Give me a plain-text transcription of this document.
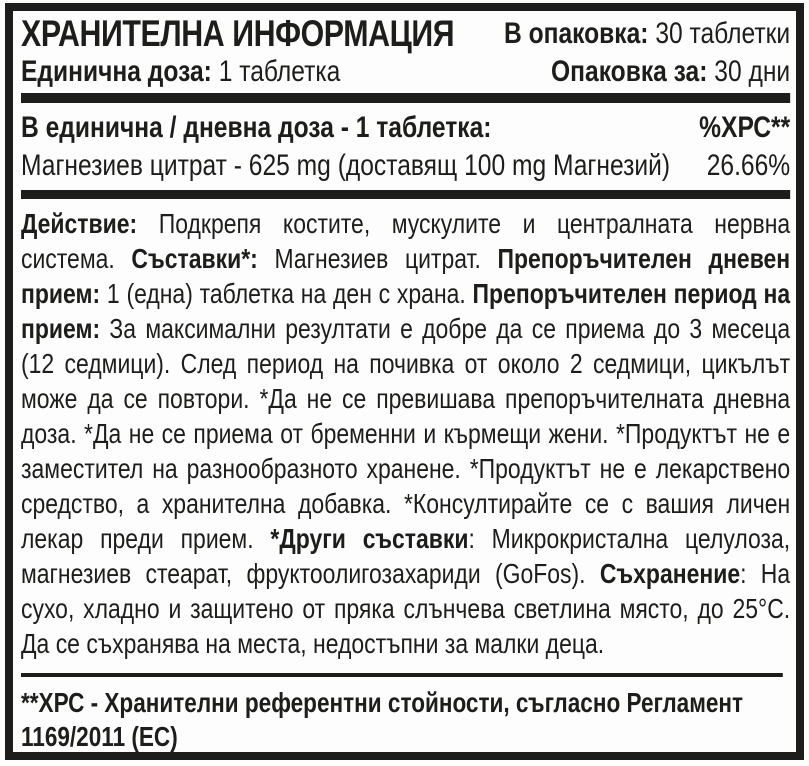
ХРАНИТЕЛНА ИНФОРМАЦИЯ
Единична доза: 1 таблетка
В опаковка: 30 таблетки
Опаковка за: 30 дни
В единична / дневна доза - 1 таблетка:	%ХРС**
Магнезиев цитрат - 625 mg (доставящ 100 mg Магнезий) 26.66%
Действие: Подкрепя костите, мускулите и централната нервна система. Съставки*: Магнезиев цитрат. Препоръчителен дневен прием: 1 (една) таблетка на ден с храна. Препоръчителен период на прием: За максимални резултати е добре да се приема до 3 месеца (12 седмици). След период на почивка от около 2 седмици, цикълът може да се повтори. *Да не се превишава препоръчителната дневна доза. *Да не се приема от бременни и кърмещи жени. *Продуктът не е заместител на разнообразното хранене. *Продуктът не е лекарствено средство, а хранителна добавка. *Консултирайте се с вашия личен лекар преди прием. *Други съставки: Микрокристална целулоза, магнезиев стеарат, фруктоолигозахариди (GoFos). Съхранение: На сухо, хладно и защитено от пряка слънчева светлина място, до 25°С. Да се съхранява на места, недостъпни за малки деца.
**ХРС - Хранителни референтни стойности, съгласно Регламент 1169/2011 (ЕС)
